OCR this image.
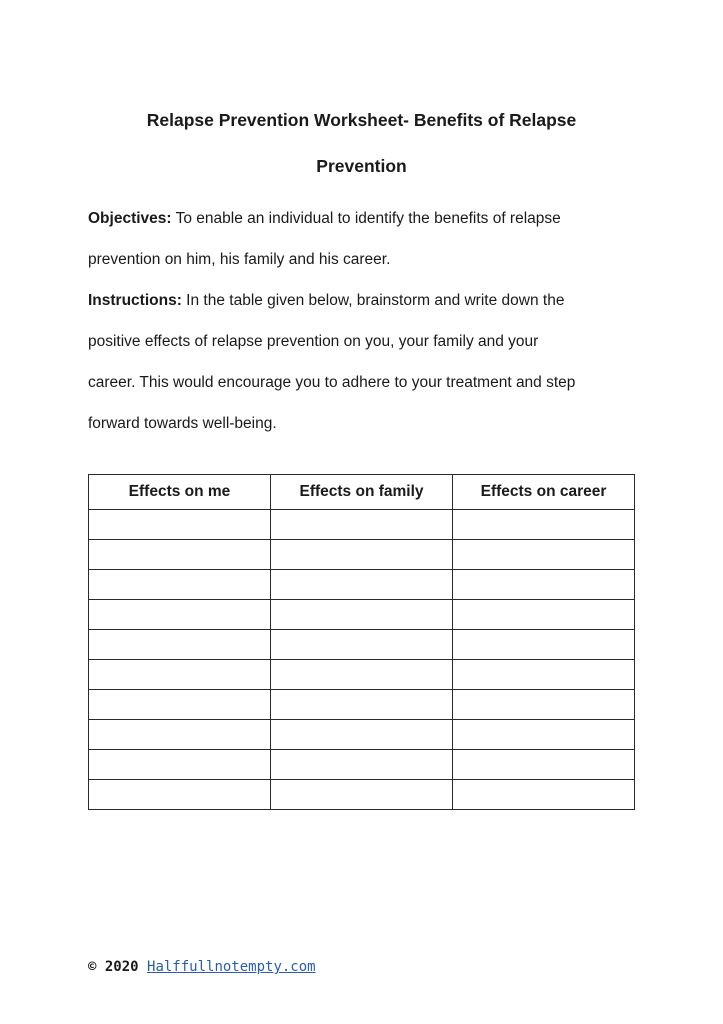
Relapse Prevention Worksheet- Benefits of Relapse
Prevention
Objectives: To enable an individual to identify the benefits of relapse
prevention on him, his family and his career.
Instructions: In the table given below, brainstorm and write down the
positive effects of relapse prevention on you, your family and your
career. This would encourage you to adhere to your treatment and step
forward towards well-being.
Effects on me	Effects on family	Effects on career

© 2020 Halffullnotempty.com
